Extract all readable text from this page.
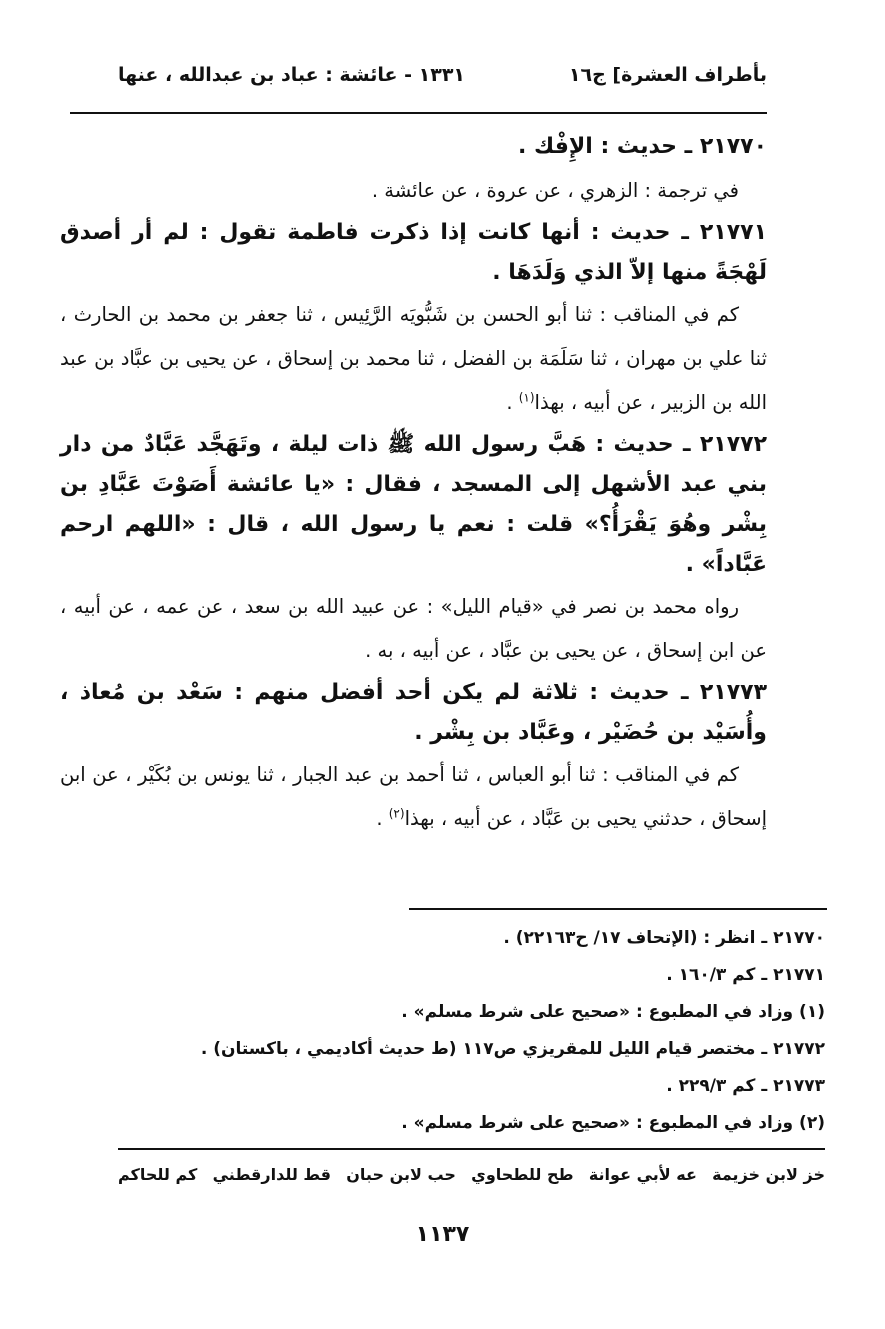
بأطراف العشرة] ج١٦
١٣٣١ - عائشة : عباد بن عبدالله ، عنها

٢١٧٧٠ ـ حديث : الإِفْك .

في ترجمة : الزهري ، عن عروة ، عن عائشة .

٢١٧٧١ ـ حديث : أنها كانت إذا ذكرت فاطمة تقول : لم أر أصدق لَهْجَةً منها إلاّ الذي وَلَدَهَا .

كم في المناقب : ثنا أبو الحسن بن شَبُّويَه الرَّئِيس ، ثنا جعفر بن محمد بن الحارث ، ثنا علي بن مهران ، ثنا سَلَمَة بن الفضل ، ثنا محمد بن إسحاق ، عن يحيى بن عبَّاد بن عبد الله بن الزبير ، عن أبيه ، بهذا$^{(١)}$ .

٢١٧٧٢ ـ حديث : هَبَّ رسول الله ﷺ ذات ليلة ، وتَهَجَّد عَبَّادٌ من دار بني عبد الأشهل إلى المسجد ، فقال : «يا عائشة أَصَوْتَ عَبَّادِ بن بِشْر وهُوَ يَقْرَأُ؟» قلت : نعم يا رسول الله ، قال : «اللهم ارحم عَبَّاداً» .

رواه محمد بن نصر في «قيام الليل» : عن عبيد الله بن سعد ، عن عمه ، عن أبيه ، عن ابن إسحاق ، عن يحيى بن عبَّاد ، عن أبيه ، به .

٢١٧٧٣ ـ حديث : ثلاثة لم يكن أحد أفضل منهم : سَعْد بن مُعاذ ، وأُسَيْد بن حُضَيْر ، وعَبَّاد بن بِشْر .

كم في المناقب : ثنا أبو العباس ، ثنا أحمد بن عبد الجبار ، ثنا يونس بن بُكَيْر ، عن ابن إسحاق ، حدثني يحيى بن عَبَّاد ، عن أبيه ، بهذا$^{(٢)}$ .

٢١٧٧٠ ـ انظر : (الإتحاف ١٧/ ح٢٢١٦٣) .

٢١٧٧١ ـ كم ١٦٠/٣ .

(١) وزاد في المطبوع : «صحيح على شرط مسلم» .

٢١٧٧٢ ـ مختصر قيام الليل للمقريزي ص١١٧ (ط حديث أكاديمي ، باكستان) .

٢١٧٧٣ ـ كم ٢٢٩/٣ .

(٢) وزاد في المطبوع : «صحيح على شرط مسلم» .

خز لابن خزيمة
عه لأبي عوانة
طح للطحاوي
حب لابن حبان
قط للدارقطني
كم للحاكم
١١٣٧
